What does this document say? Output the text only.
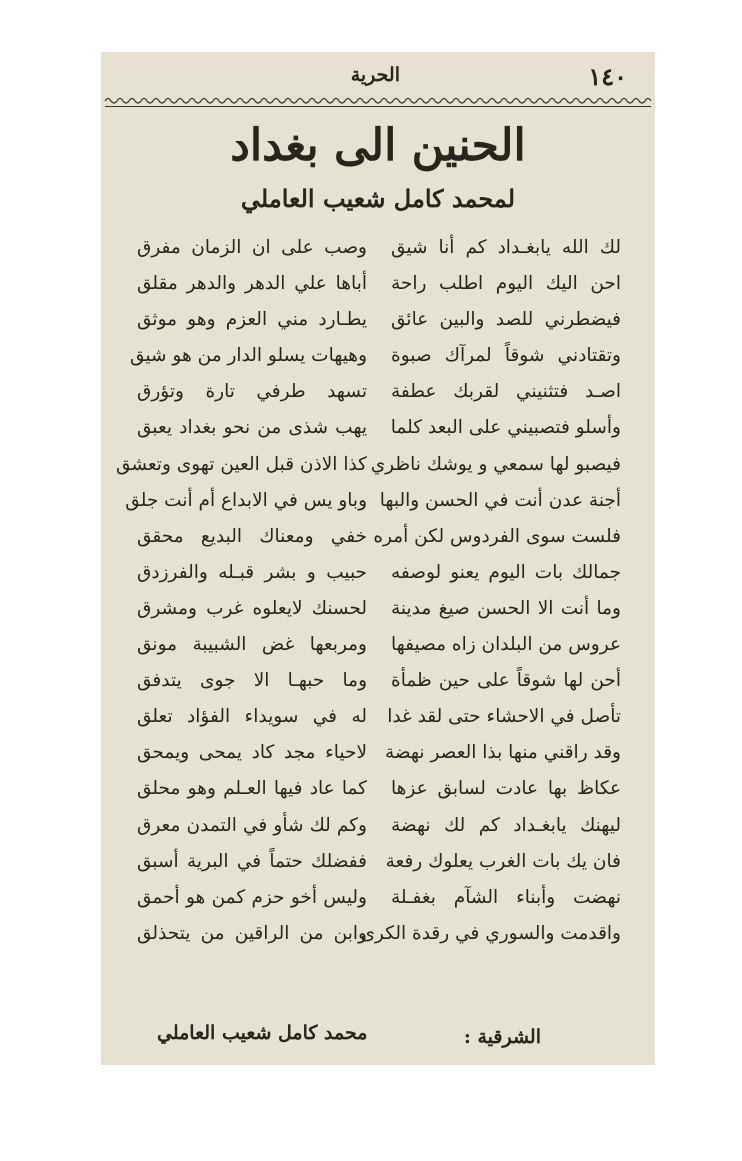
١٤٠
الحرية
الحنين الى بغداد
لمحمد كامل شعيب العاملي
لك الله يابغـداد كم أنا شيق
وصب على ان الزمان مفرق
احن اليك اليوم اطلب راحة
أباها علي الدهر والدهر مقلق
فيضطرني للصد والبين عائق
يطـارد مني العزم وهو موثق
وتقتادني شوقاً لمرآك صبوة
وهيهات يسلو الدار من هو شيق
اصـد فتثنيني لقربك عطفة
تسهد طرفي تارة وتؤرق
وأسلو فتصبيني على البعد كلما
يهب شذى من نحو بغداد يعبق
فيصبو لها سمعي و يوشك ناظري
كذا الاذن قبل العين تهوى وتعشق
أجنة عدن أنت في الحسن والبها
وباو يس في الابداع أم أنت جلق
فلست سوى الفردوس لكن أمره
خفي ومعناك البديع محقق
جمالك بات اليوم يعنو لوصفه
حبيب و بشر قبـله والفرزدق
وما أنت الا الحسن صيغ مدينة
لحسنك لايعلوه غرب ومشرق
عروس من البلدان زاه مصيفها
ومربعها غض الشبيبة مونق
أحن لها شوقاً على حين ظمأة
وما حبهـا الا جوى يتدفق
تأصل في الاحشاء حتى لقد غدا
له في سويداء الفؤاد تعلق
وقد راقني منها بذا العصر نهضة
لاحياء مجد كاد يمحى ويمحق
عكاظ بها عادت لسابق عزها
كما عاد فيها العـلم وهو محلق
ليهنك يابغـداد كم لك نهضة
وكم لك شأو في التمدن معرق
فان يك بات الغرب يعلوك رفعة
ففضلك حتماً في البرية أسبق
نهضت وأبناء الشآم بغفـلة
وليس أخو حزم كمن هو أحمق
واقدمت والسوري في رقدة الكرى
وابن من الراقين من يتحذلق
الشرقية :
محمد كامل شعيب العاملي
